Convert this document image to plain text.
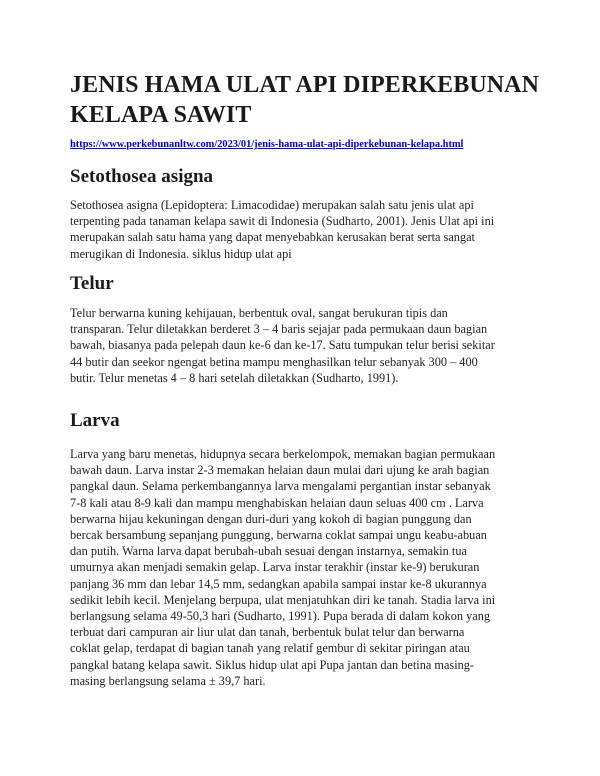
JENIS HAMA ULAT API DIPERKEBUNAN
KELAPA SAWIT
https://www.perkebunanltw.com/2023/01/jenis-hama-ulat-api-diperkebunan-kelapa.html
Setothosea asigna
Setothosea asigna (Lepidoptera: Limacodidae) merupakan salah satu jenis ulat api
terpenting pada tanaman kelapa sawit di Indonesia (Sudharto, 2001). Jenis Ulat api ini
merupakan salah satu hama yang dapat menyebabkan kerusakan berat serta sangat
merugikan di Indonesia. siklus hidup ulat api
Telur
Telur berwarna kuning kehijauan, berbentuk oval, sangat berukuran tipis dan
transparan. Telur diletakkan berderet 3 – 4 baris sejajar pada permukaan daun bagian
bawah, biasanya pada pelepah daun ke-6 dan ke-17. Satu tumpukan telur berisi sekitar
44 butir dan seekor ngengat betina mampu menghasilkan telur sebanyak 300 – 400
butir. Telur menetas 4 – 8 hari setelah diletakkan (Sudharto, 1991).
Larva
Larva yang baru menetas, hidupnya secara berkelompok, memakan bagian permukaan
bawah daun. Larva instar 2-3 memakan helaian daun mulai dari ujung ke arah bagian
pangkal daun. Selama perkembangannya larva mengalami pergantian instar sebanyak
7-8 kali atau 8-9 kali dan mampu menghabiskan helaian daun seluas 400 cm . Larva
berwarna hijau kekuningan dengan duri-duri yang kokoh di bagian punggung dan
bercak bersambung sepanjang punggung, berwarna coklat sampai ungu keabu-abuan
dan putih. Warna larva dapat berubah-ubah sesuai dengan instarnya, semakin tua
umurnya akan menjadi semakin gelap. Larva instar terakhir (instar ke-9) berukuran
panjang 36 mm dan lebar 14,5 mm, sedangkan apabila sampai instar ke-8 ukurannya
sedikit lebih kecil. Menjelang berpupa, ulat menjatuhkan diri ke tanah. Stadia larva ini
berlangsung selama 49-50,3 hari (Sudharto, 1991). Pupa berada di dalam kokon yang
terbuat dari campuran air liur ulat dan tanah, berbentuk bulat telur dan berwarna
coklat gelap, terdapat di bagian tanah yang relatif gembur di sekitar piringan atau
pangkal batang kelapa sawit. Siklus hidup ulat api Pupa jantan dan betina masing-
masing berlangsung selama ± 39,7 hari.
